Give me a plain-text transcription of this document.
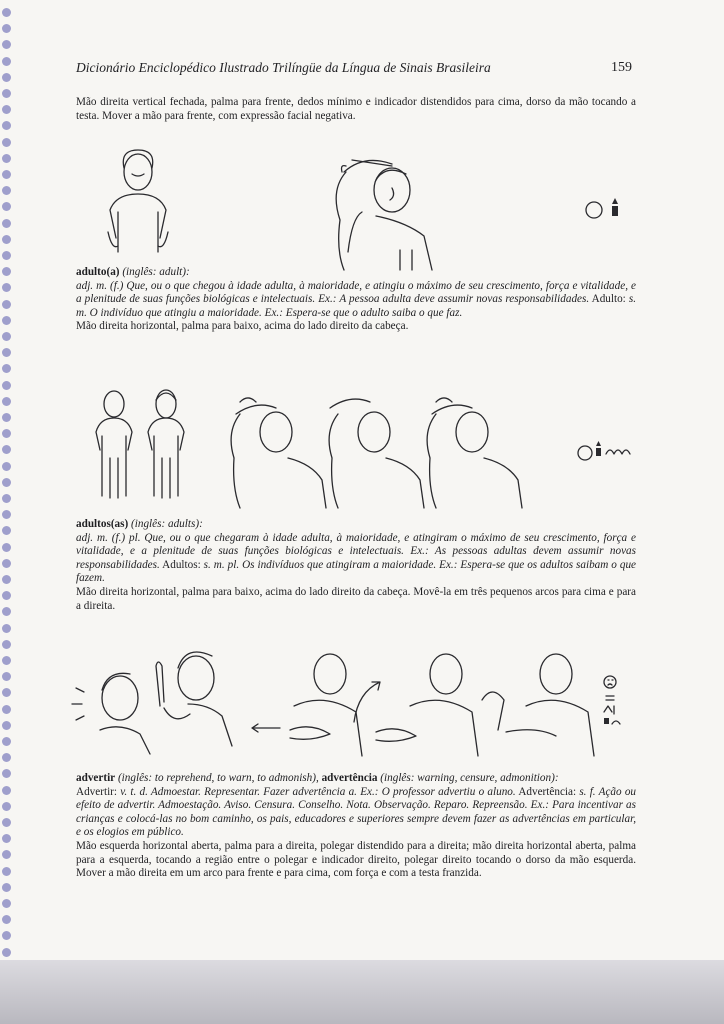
Dicionário Enciclopédico Ilustrado Trilíngüe da Língua de Sinais Brasileira	159
Mão direita vertical fechada, palma para frente, dedos mínimo e indicador distendidos para cima, dorso da mão tocando a testa. Mover a mão para frente, com expressão facial negativa.
adulto(a) (inglês: adult):
adj. m. (f.) Que, ou o que chegou à idade adulta, à maioridade, e atingiu o máximo de seu crescimento, força e vitalidade, e a plenitude de suas funções biológicas e intelectuais. Ex.: A pessoa adulta deve assumir novas responsabilidades. Adulto: s. m. O indivíduo que atingiu a maioridade. Ex.: Espera-se que o adulto saiba o que faz.
Mão direita horizontal, palma para baixo, acima do lado direito da cabeça.
adultos(as) (inglês: adults):
adj. m. (f.) pl. Que, ou o que chegaram à idade adulta, à maioridade, e atingiram o máximo de seu crescimento, força e vitalidade, e a plenitude de suas funções biológicas e intelectuais. Ex.: As pessoas adultas devem assumir novas responsabilidades. Adultos: s. m. pl. Os indivíduos que atingiram a maioridade. Ex.: Espera-se que os adultos saibam o que fazem.
Mão direita horizontal, palma para baixo, acima do lado direito da cabeça. Movê-la em três pequenos arcos para cima e para a direita.
advertir (inglês: to reprehend, to warn, to admonish), advertência (inglês: warning, censure, admonition):
Advertir: v. t. d. Admoestar. Representar. Fazer advertência a. Ex.: O professor advertiu o aluno. Advertência: s. f. Ação ou efeito de advertir. Admoestação. Aviso. Censura. Conselho. Nota. Observação. Reparo. Repreensão. Ex.: Para incentivar as crianças e colocá-las no bom caminho, os pais, educadores e superiores sempre devem fazer as advertências em particular, e os elogios em público.
Mão esquerda horizontal aberta, palma para a direita, polegar distendido para a direita; mão direita horizontal aberta, palma para a esquerda, tocando a região entre o polegar e indicador direito, polegar direito tocando o dorso da mão esquerda. Mover a mão direita em um arco para frente e para cima, com força e com a testa franzida.
